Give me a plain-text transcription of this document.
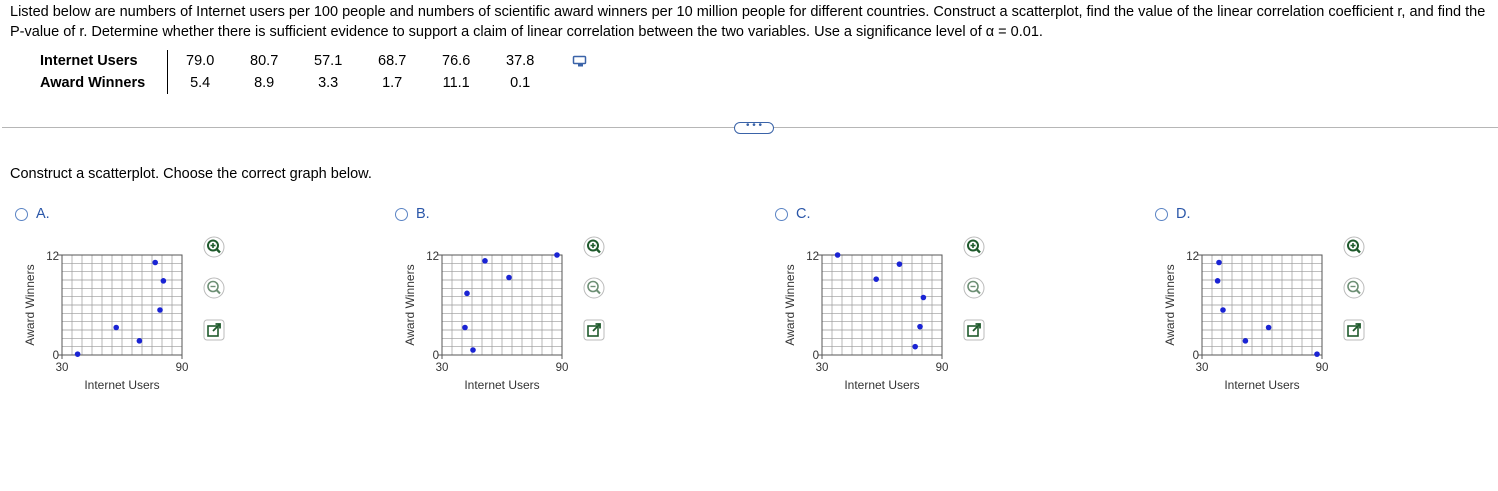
Listed below are numbers of Internet users per 100 people and numbers of scientific award winners per 10 million people for different countries. Construct a scatterplot, find the value of the linear correlation coefficient r, and find the P-value of r. Determine whether there is sufficient evidence to support a claim of linear correlation between the two variables. Use a significance level of α = 0.01.

Internet Users	79.0	80.7	57.1	68.7	76.6	37.8
Award Winners	5.4	8.9	3.3	1.7	11.1	0.1
• • •

Construct a scatterplot. Choose the correct graph below.

A.
12
0
30	90
Internet Users
Award Winners
B.
12
0
30	90
Internet Users
Award Winners
C.
12
0
30	90
Internet Users
Award Winners
D.
12
0
30	90
Internet Users
Award Winners
